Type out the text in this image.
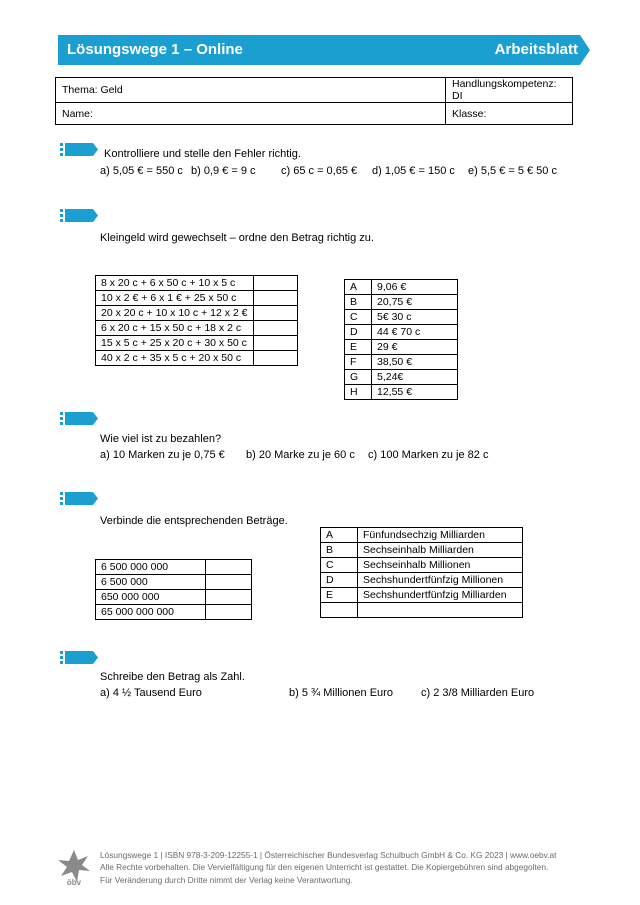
Lösungswege 1 – Online	Arbeitsblatt
Thema: Geld	Handlungskompetenz: DI
Name:	Klasse:
Kontrolliere und stelle den Fehler richtig.
a) 5,05 € = 550 c b) 0,9 € = 9 c c) 65 c = 0,65 € d) 1,05 € = 150 c e) 5,5 € = 5 € 50 c
Kleingeld wird gewechselt – ordne den Betrag richtig zu.
8 x 20 c + 6 x 50 c + 10 x 5 c	
10 x 2 € + 6 x 1 € + 25 x 50 c	
20 x 20 c + 10 x 10 c + 12 x 2 €	
6 x 20 c + 15 x 50 c + 18 x 2 c	
15 x 5 c + 25 x 20 c + 30 x 50 c	
40 x 2 c + 35 x 5 c + 20 x 50 c	
A	9,06 €
B	20,75 €
C	5€ 30 c
D	44 € 70 c
E	29 €
F	38,50 €
G	5,24€
H	12,55 €
Wie viel ist zu bezahlen?
a) 10 Marken zu je 0,75 € b) 20 Marke zu je 60 c c) 100 Marken zu je 82 c
Verbinde die entsprechenden Beträge.
6 500 000 000	
6 500 000	
650 000 000	
65 000 000 000	
A	Fünfundsechzig Milliarden
B	Sechseinhalb Milliarden
C	Sechseinhalb Millionen
D	Sechshundertfünfzig Millionen
E	Sechshundertfünfzig Milliarden

Schreibe den Betrag als Zahl.
a) 4 ½ Tausend Euro	b) 5 ¾ Millionen Euro	c) 2 3/8 Milliarden Euro
öbv
Lösungswege 1 | ISBN 978-3-209-12255-1 | Österreichischer Bundesverlag Schulbuch GmbH & Co. KG 2023 | www.oebv.at
Alle Rechte vorbehalten. Die Vervielfältigung für den eigenen Unterricht ist gestattet. Die Kopiergebühren sind abgegolten.
Für Veränderung durch Dritte nimmt der Verlag keine Verantwortung.
